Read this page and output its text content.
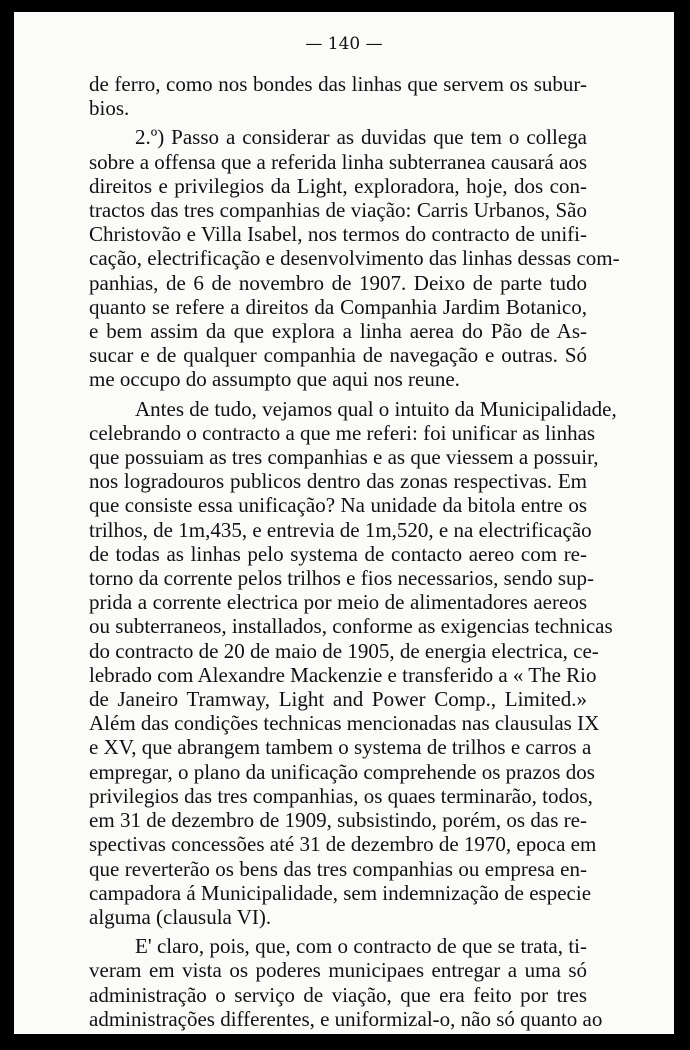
— 140 —
de ferro, como nos bondes das linhas que servem os subur-
bios.
2.º) Passo a considerar as duvidas que tem o collega
sobre a offensa que a referida linha subterranea causará aos
direitos e privilegios da Light, exploradora, hoje, dos con-
tractos das tres companhias de viação: Carris Urbanos, São
Christovão e Villa Isabel, nos termos do contracto de unifi-
cação, electrificação e desenvolvimento das linhas dessas com-
panhias, de 6 de novembro de 1907. Deixo de parte tudo
quanto se refere a direitos da Companhia Jardim Botanico,
e bem assim da que explora a linha aerea do Pão de As-
sucar e de qualquer companhia de navegação e outras. Só
me occupo do assumpto que aqui nos reune.
Antes de tudo, vejamos qual o intuito da Municipalidade,
celebrando o contracto a que me referi: foi unificar as linhas
que possuiam as tres companhias e as que viessem a possuir,
nos logradouros publicos dentro das zonas respectivas. Em
que consiste essa unificação? Na unidade da bitola entre os
trilhos, de 1m,435, e entrevia de 1m,520, e na electrificação
de todas as linhas pelo systema de contacto aereo com re-
torno da corrente pelos trilhos e fios necessarios, sendo sup-
prida a corrente electrica por meio de alimentadores aereos
ou subterraneos, installados, conforme as exigencias technicas
do contracto de 20 de maio de 1905, de energia electrica, ce-
lebrado com Alexandre Mackenzie e transferido a « The Rio
de Janeiro Tramway, Light and Power Comp., Limited.»
Além das condições technicas mencionadas nas clausulas IX
e XV, que abrangem tambem o systema de trilhos e carros a
empregar, o plano da unificação comprehende os prazos dos
privilegios das tres companhias, os quaes terminarão, todos,
em 31 de dezembro de 1909, subsistindo, porém, os das re-
spectivas concessões até 31 de dezembro de 1970, epoca em
que reverterão os bens das tres companhias ou empresa en-
campadora á Municipalidade, sem indemnização de especie
alguma (clausula VI).
E' claro, pois, que, com o contracto de que se trata, ti-
veram em vista os poderes municipaes entregar a uma só
administração o serviço de viação, que era feito por tres
administrações differentes, e uniformizal-o, não só quanto ao
